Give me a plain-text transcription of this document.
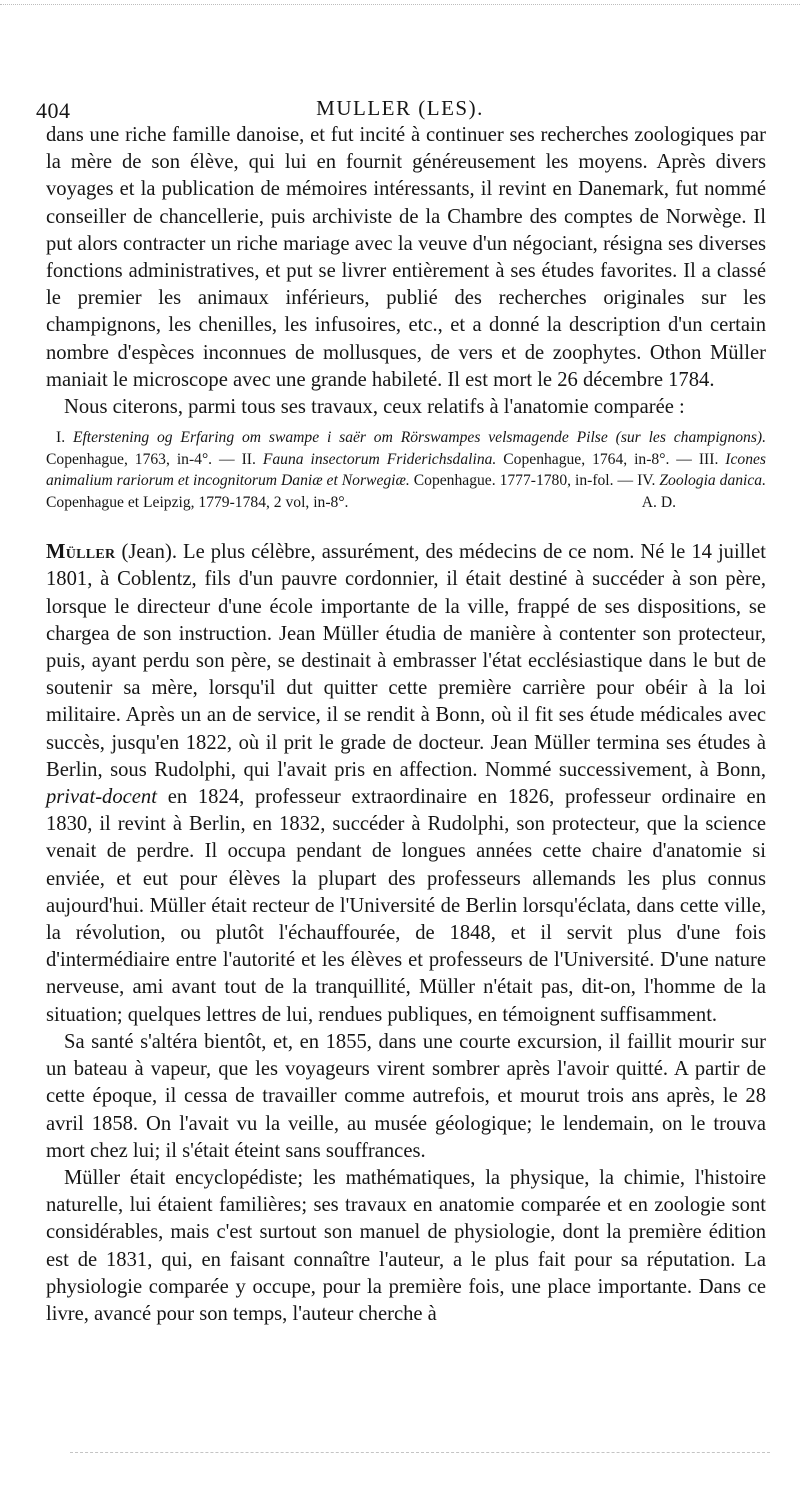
404	MULLER (LES).

dans une riche famille danoise, et fut incité à continuer ses recherches zoologiques par la mère de son élève, qui lui en fournit généreusement les moyens. Après divers voyages et la publication de mémoires intéressants, il revint en Danemark, fut nommé conseiller de chancellerie, puis archiviste de la Chambre des comptes de Norwège. Il put alors contracter un riche mariage avec la veuve d'un négociant, résigna ses diverses fonctions administratives, et put se livrer entièrement à ses études favorites. Il a classé le premier les animaux inférieurs, publié des recherches originales sur les champignons, les chenilles, les infusoires, etc., et a donné la description d'un certain nombre d'espèces inconnues de mollusques, de vers et de zoophytes. Othon Müller maniait le microscope avec une grande habileté. Il est mort le 26 décembre 1784.

Nous citerons, parmi tous ses travaux, ceux relatifs à l'anatomie comparée :

I. Efterstening og Erfaring om swampe i saër om Rörswampes velsmagende Pilse (sur les champignons). Copenhague, 1763, in-4°. — II. Fauna insectorum Friderichsdalina. Copenhague, 1764, in-8°. — III. Icones animalium rariorum et incognitorum Daniæ et Norwegiæ. Copenhague. 1777-1780, in-fol. — IV. Zoologia danica. Copenhague et Leipzig, 1779-1784, 2 vol, in-8°.	A. D.

Müller (Jean). Le plus célèbre, assurément, des médecins de ce nom. Né le 14 juillet 1801, à Coblentz, fils d'un pauvre cordonnier, il était destiné à succéder à son père, lorsque le directeur d'une école importante de la ville, frappé de ses dispositions, se chargea de son instruction. Jean Müller étudia de manière à contenter son protecteur, puis, ayant perdu son père, se destinait à embrasser l'état ecclésiastique dans le but de soutenir sa mère, lorsqu'il dut quitter cette première carrière pour obéir à la loi militaire. Après un an de service, il se rendit à Bonn, où il fit ses étude médicales avec succès, jusqu'en 1822, où il prit le grade de docteur. Jean Müller termina ses études à Berlin, sous Rudolphi, qui l'avait pris en affection. Nommé successivement, à Bonn, privat-docent en 1824, professeur extraordinaire en 1826, professeur ordinaire en 1830, il revint à Berlin, en 1832, succéder à Rudolphi, son protecteur, que la science venait de perdre. Il occupa pendant de longues années cette chaire d'anatomie si enviée, et eut pour élèves la plupart des professeurs allemands les plus connus aujourd'hui. Müller était recteur de l'Université de Berlin lorsqu'éclata, dans cette ville, la révolution, ou plutôt l'échauffourée, de 1848, et il servit plus d'une fois d'intermédiaire entre l'autorité et les élèves et professeurs de l'Université. D'une nature nerveuse, ami avant tout de la tranquillité, Müller n'était pas, dit-on, l'homme de la situation; quelques lettres de lui, rendues publiques, en témoignent suffisamment.

Sa santé s'altéra bientôt, et, en 1855, dans une courte excursion, il faillit mourir sur un bateau à vapeur, que les voyageurs virent sombrer après l'avoir quitté. A partir de cette époque, il cessa de travailler comme autrefois, et mourut trois ans après, le 28 avril 1858. On l'avait vu la veille, au musée géologique; le lendemain, on le trouva mort chez lui; il s'était éteint sans souffrances.

Müller était encyclopédiste; les mathématiques, la physique, la chimie, l'histoire naturelle, lui étaient familières; ses travaux en anatomie comparée et en zoologie sont considérables, mais c'est surtout son manuel de physiologie, dont la première édition est de 1831, qui, en faisant connaître l'auteur, a le plus fait pour sa réputation. La physiologie comparée y occupe, pour la première fois, une place importante. Dans ce livre, avancé pour son temps, l'auteur cherche à
